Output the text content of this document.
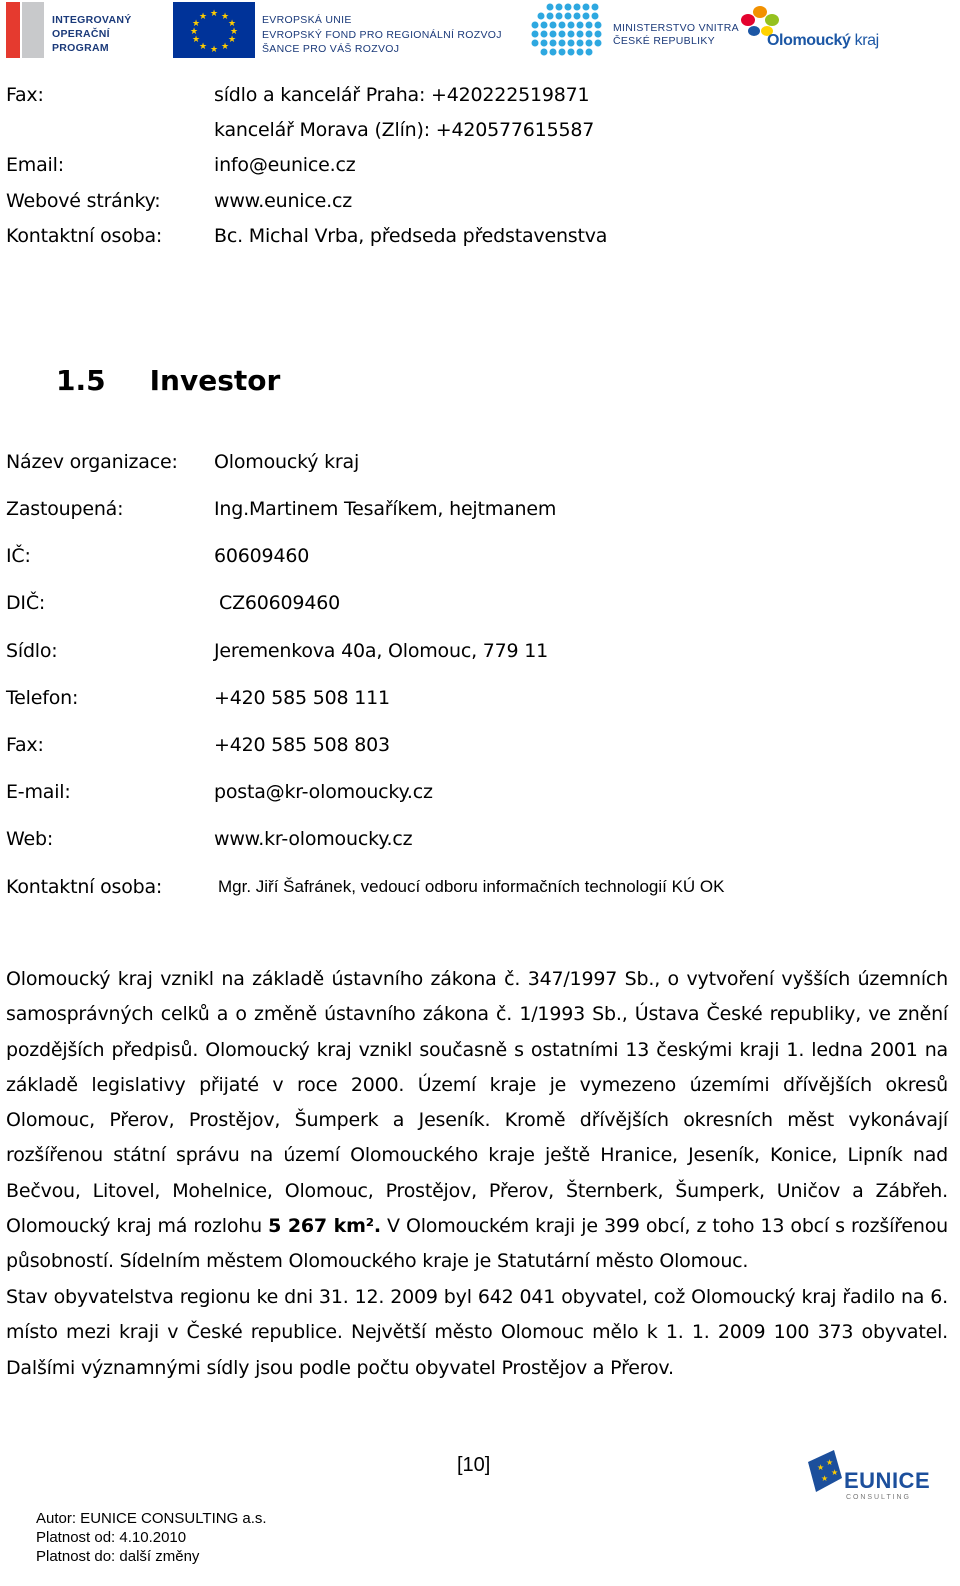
INTEGROVANÝ
OPERAČNÍ
PROGRAM
★ ★
★
★
★
★
★
★
★
★
★
★	EVROPSKÁ UNIE
EVROPSKÝ FOND PRO REGIONÁLNÍ ROZVOJ
ŠANCE PRO VÁŠ ROZVOJ
MINISTERSTVO VNITRA
ČESKÉ REPUBLIKY	Olomoucký kraj
Fax:	sídlo a kancelář Praha: +420222519871
kancelář Morava (Zlín): +420577615587
Email:	info@eunice.cz
Webové stránky:	www.eunice.cz
Kontaktní osoba:	Bc. Michal Vrba, předseda představenstva
1.5 Investor
Název organizace: Olomoucký kraj
Zastoupená:	Ing.Martinem Tesaříkem, hejtmanem
IČ:	60609460
DIČ:	CZ60609460
Sídlo:	Jeremenkova 40a, Olomouc, 779 11
Telefon:	+420 585 508 111
Fax:	+420 585 508 803
E-mail:	posta@kr-olomoucky.cz
Web:	www.kr-olomoucky.cz
Kontaktní osoba:	Mgr. Jiří Šafránek, vedoucí odboru informačních technologií KÚ OK
Olomoucký kraj vznikl na základě ústavního zákona č. 347/1997 Sb., o vytvoření vyšších územních samosprávných celků a o změně ústavního zákona č. 1/1993 Sb., Ústava České republiky, ve znění pozdějších předpisů. Olomoucký kraj vznikl současně s ostatními 13 českými kraji 1. ledna 2001 na základě legislativy přijaté v roce 2000. Území kraje je vymezeno územími dřívějších okresů Olomouc, Přerov, Prostějov, Šumperk a Jeseník. Kromě dřívějších okresních měst vykonávají rozšířenou státní správu na území Olomouckého kraje ještě Hranice, Jeseník, Konice, Lipník nad Bečvou, Litovel, Mohelnice, Olomouc, Prostějov, Přerov, Šternberk, Šumperk, Uničov a Zábřeh. Olomoucký kraj má rozlohu 5 267 km². V Olomouckém kraji je 399 obcí, z toho 13 obcí s rozšířenou působností. Sídelním městem Olomouckého kraje je Statutární město Olomouc.
Stav obyvatelstva regionu ke dni 31. 12. 2009 byl 642 041 obyvatel, což Olomoucký kraj řadilo na 6. místo mezi kraji v České republice. Největší město Olomouc mělo k 1. 1. 2009 100 373 obyvatel. Dalšími významnými sídly jsou podle počtu obyvatel Prostějov a Přerov.
[10]
Autor: EUNICE CONSULTING a.s.
Platnost od: 4.10.2010
Platnost do: další změny
★
★
★
★ EUNICE
C O N S U L T I N G
